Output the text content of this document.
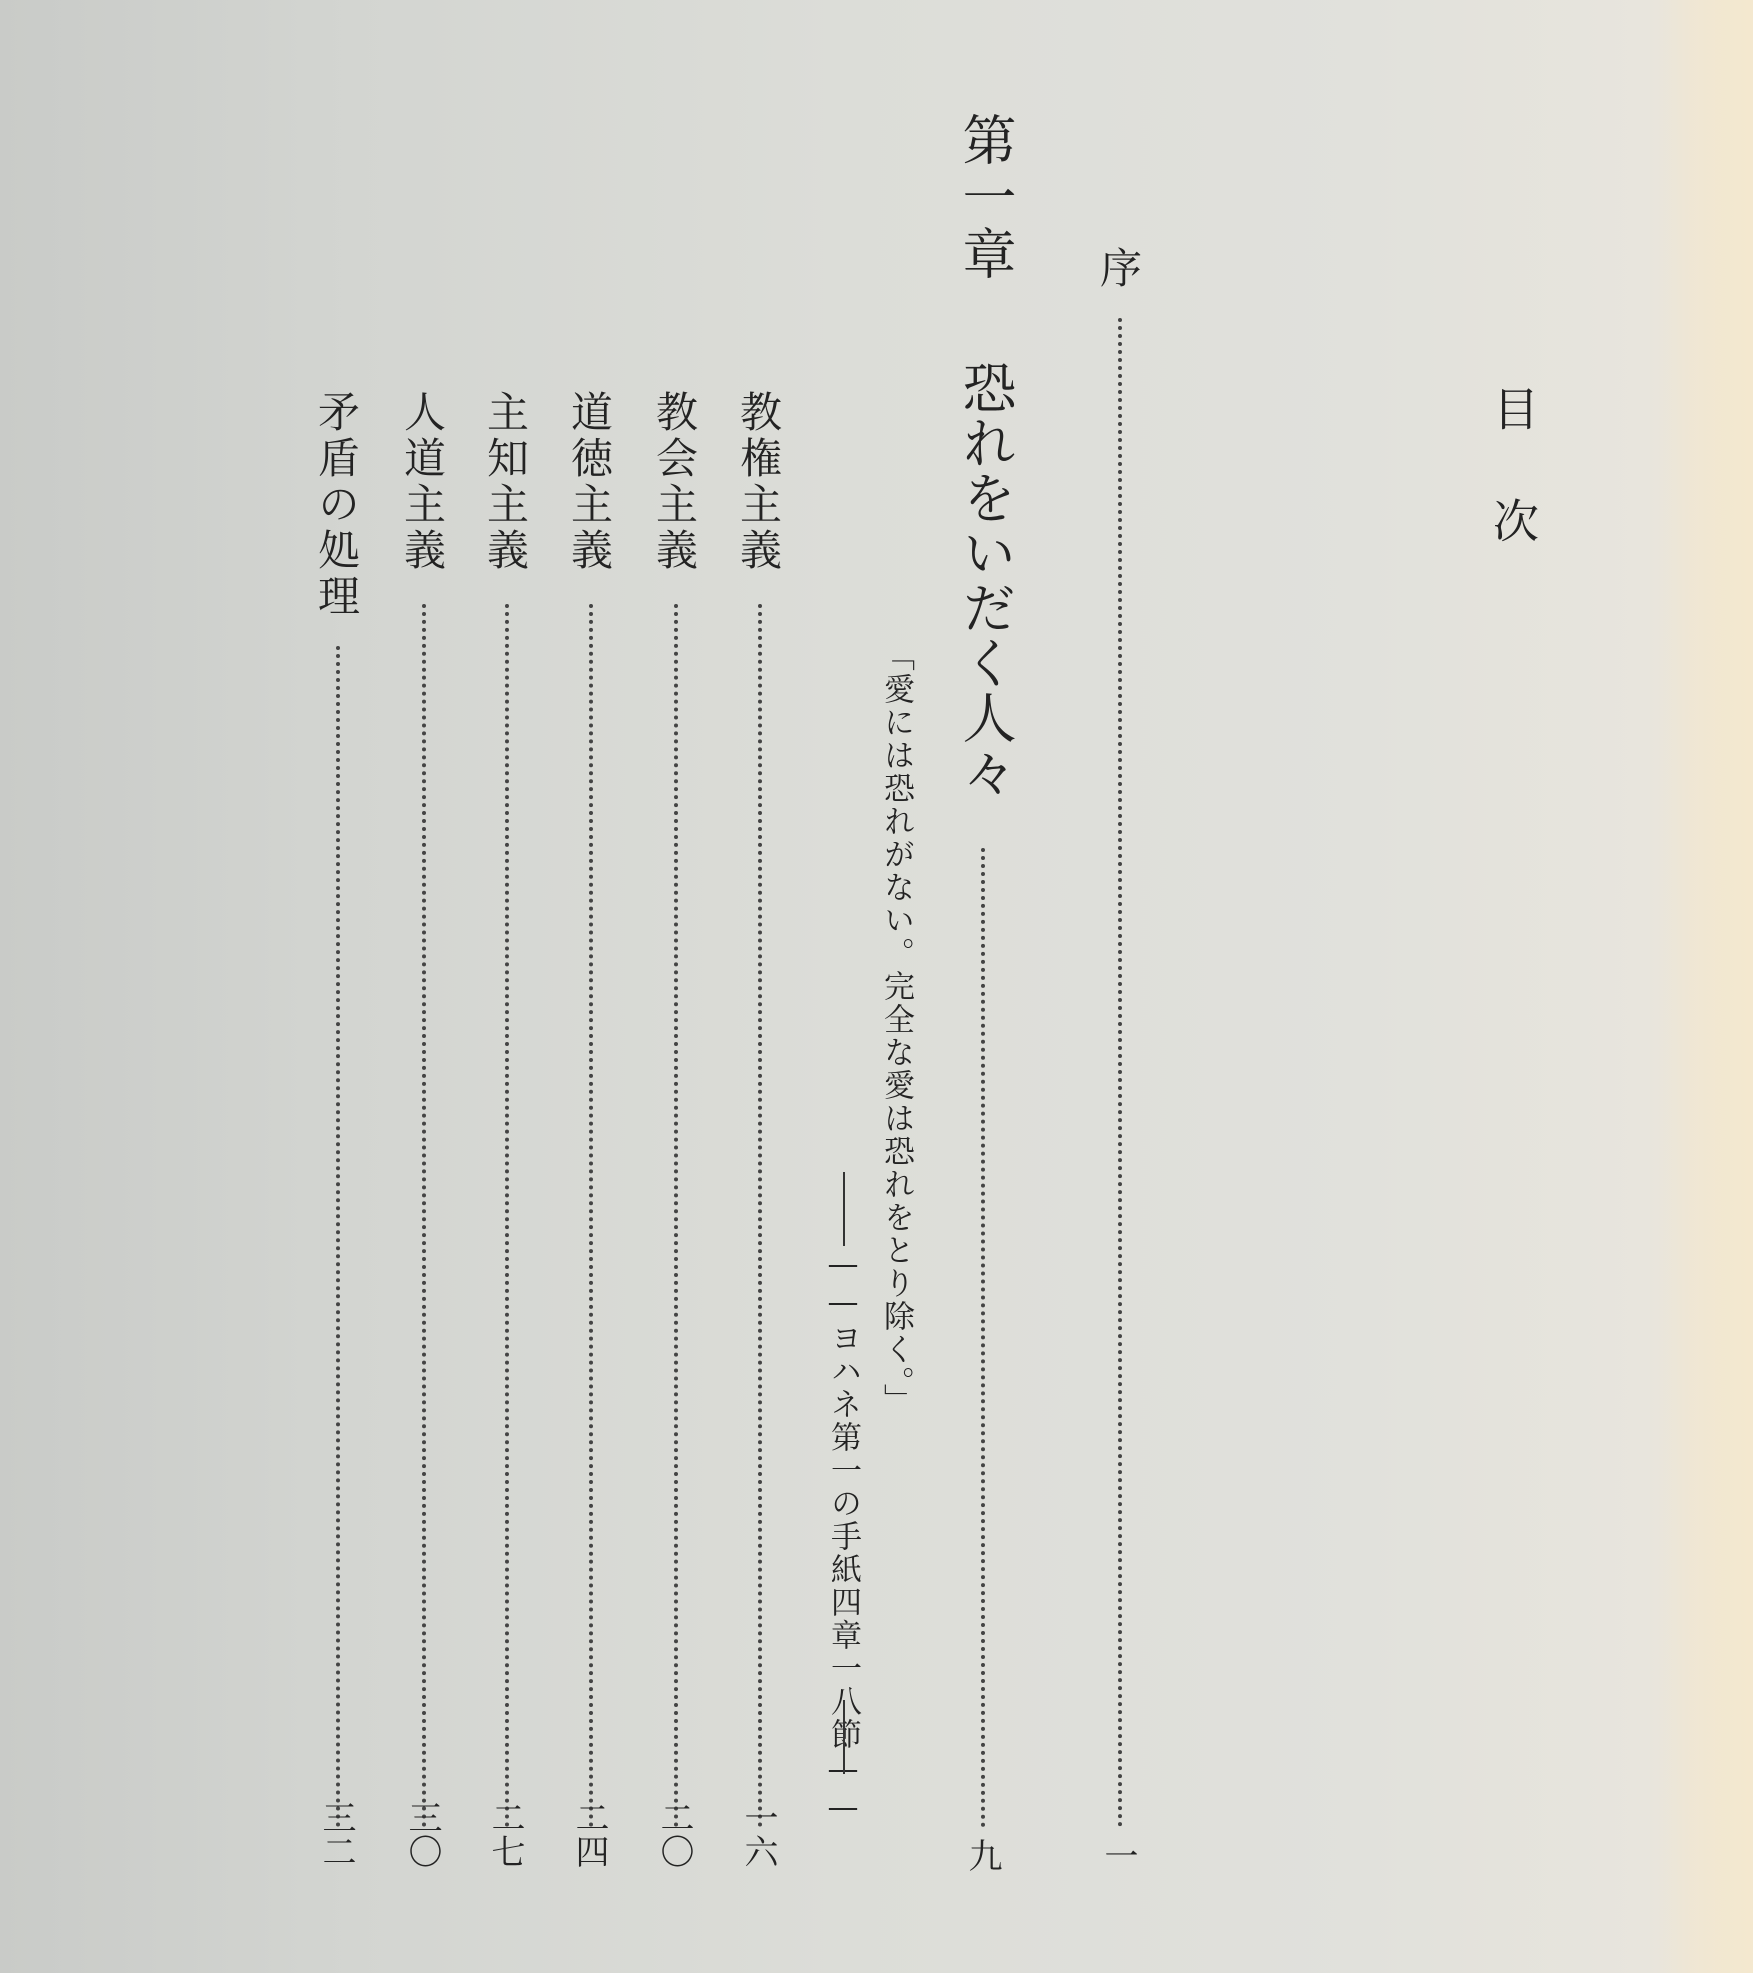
目 次
序
一
第一章
恐れをいだく人々
九
「愛には恐れがない。完全な愛は恐れをとり除く。」
——ヨハネ第一の手紙四章一八節——
教権主義
一六
教会主義
二〇
道徳主義
二四
主知主義
二七
人道主義
三〇
矛盾の処理
三二
